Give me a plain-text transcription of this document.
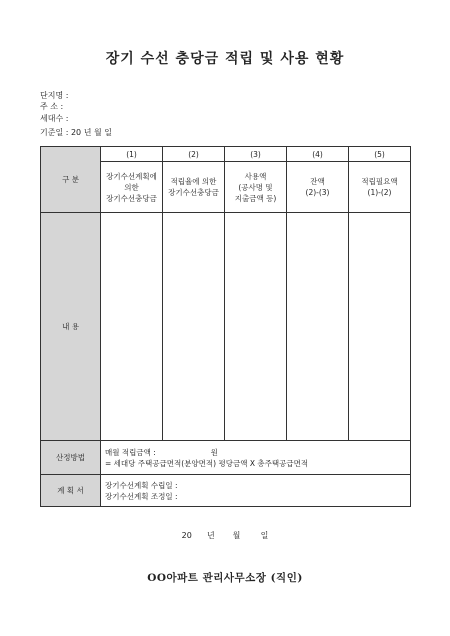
장기 수선 충당금 적립 및 사용 현황
단지명 :
주 소 :
세대수 :
기준일 : 20 년 월 일
구 분	(1)	(2)	(3)	(4)	(5)
	장기수선계획에
의한
장기수선충당금	적립율에 의한
장기수선충당금	사용액
(공사명 및
지출금액 등)	잔액
(2)-(3)	적립필요액
(1)-(2)
내 용					
산정방법	매월 적립금액 :                       원
= 세대당 주택공급면적(분양면적) 평당금액 X 총주택공급면적				

계 획 서	장기수선계획 수립일 :
장기수선계획 조정일 :				
20      년       월        일
OO아파트 관리사무소장 (직인)
